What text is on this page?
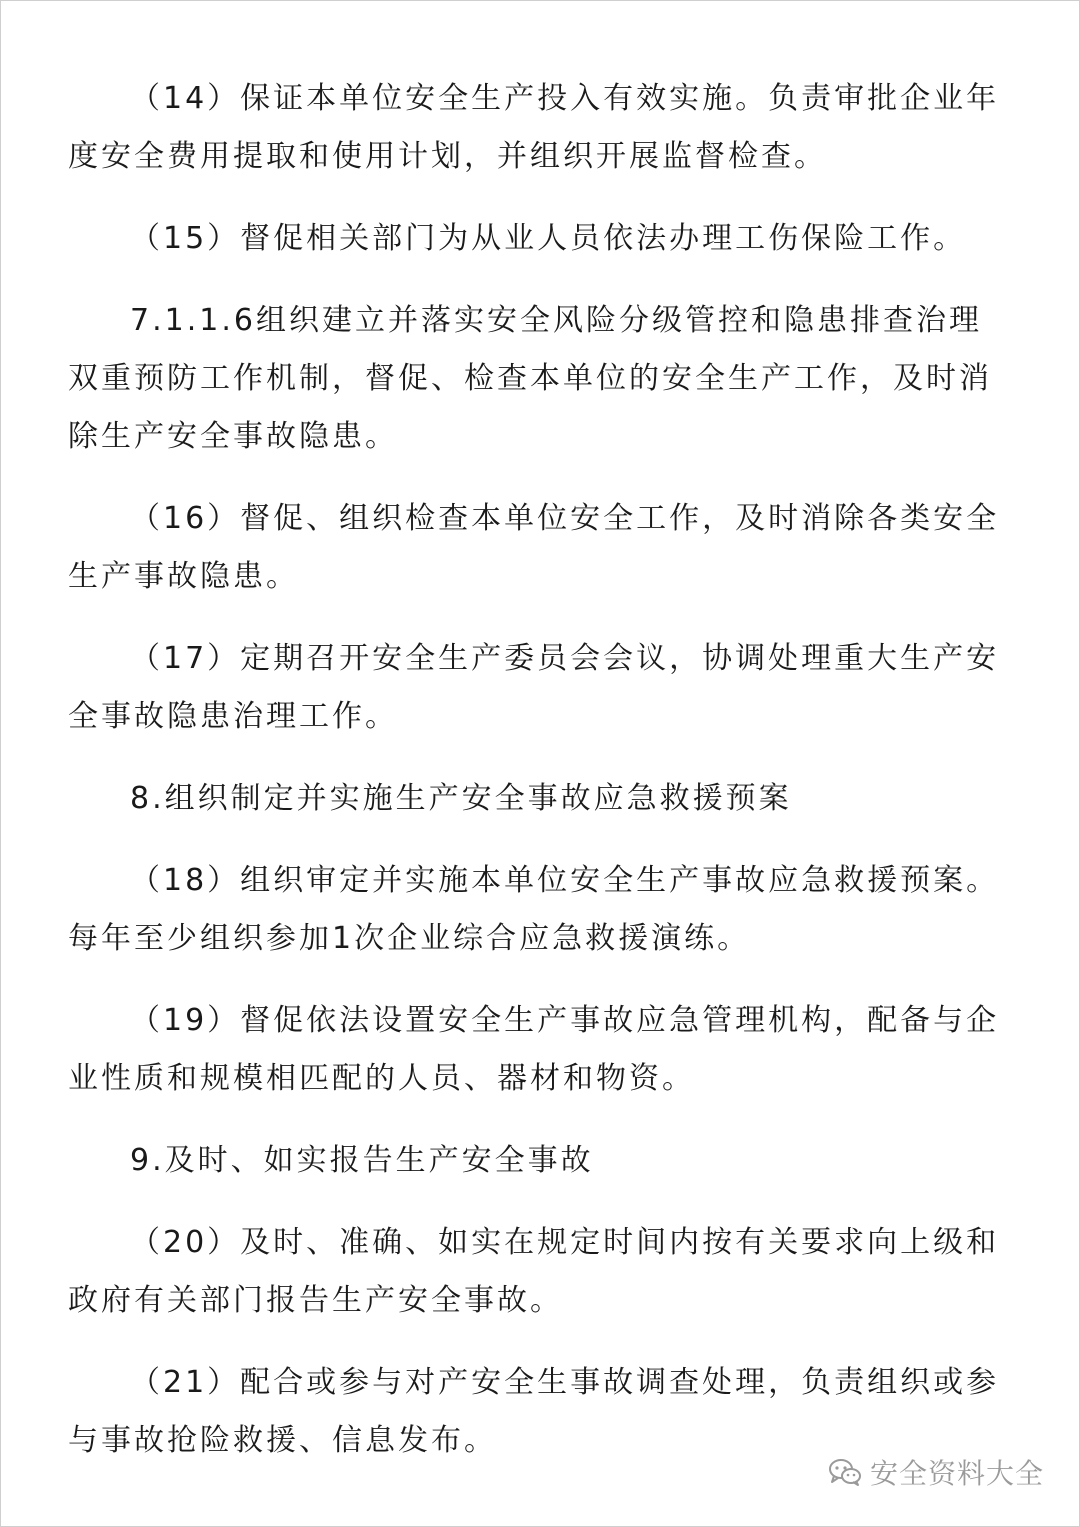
（14）保证本单位安全生产投入有效实施。负责审批企业年度安全费用提取和使用计划，并组织开展监督检查。

（15）督促相关部门为从业人员依法办理工伤保险工作。

7.1.1.6组织建立并落实安全风险分级管控和隐患排查治理 双重预防工作机制，督促、检查本单位的安全生产工作，及时消除生产安全事故隐患。

（16）督促、组织检查本单位安全工作，及时消除各类安全生产事故隐患。

（17）定期召开安全生产委员会会议，协调处理重大生产安全事故隐患治理工作。

8.组织制定并实施生产安全事故应急救援预案

（18）组织审定并实施本单位安全生产事故应急救援预案。每年至少组织参加1次企业综合应急救援演练。

（19）督促依法设置安全生产事故应急管理机构，配备与企业性质和规模相匹配的人员、器材和物资。

9.及时、如实报告生产安全事故

（20）及时、准确、如实在规定时间内按有关要求向上级和政府有关部门报告生产安全事故。

（21）配合或参与对产安全生事故调查处理，负责组织或参与事故抢险救援、信息发布。

安全资料大全
